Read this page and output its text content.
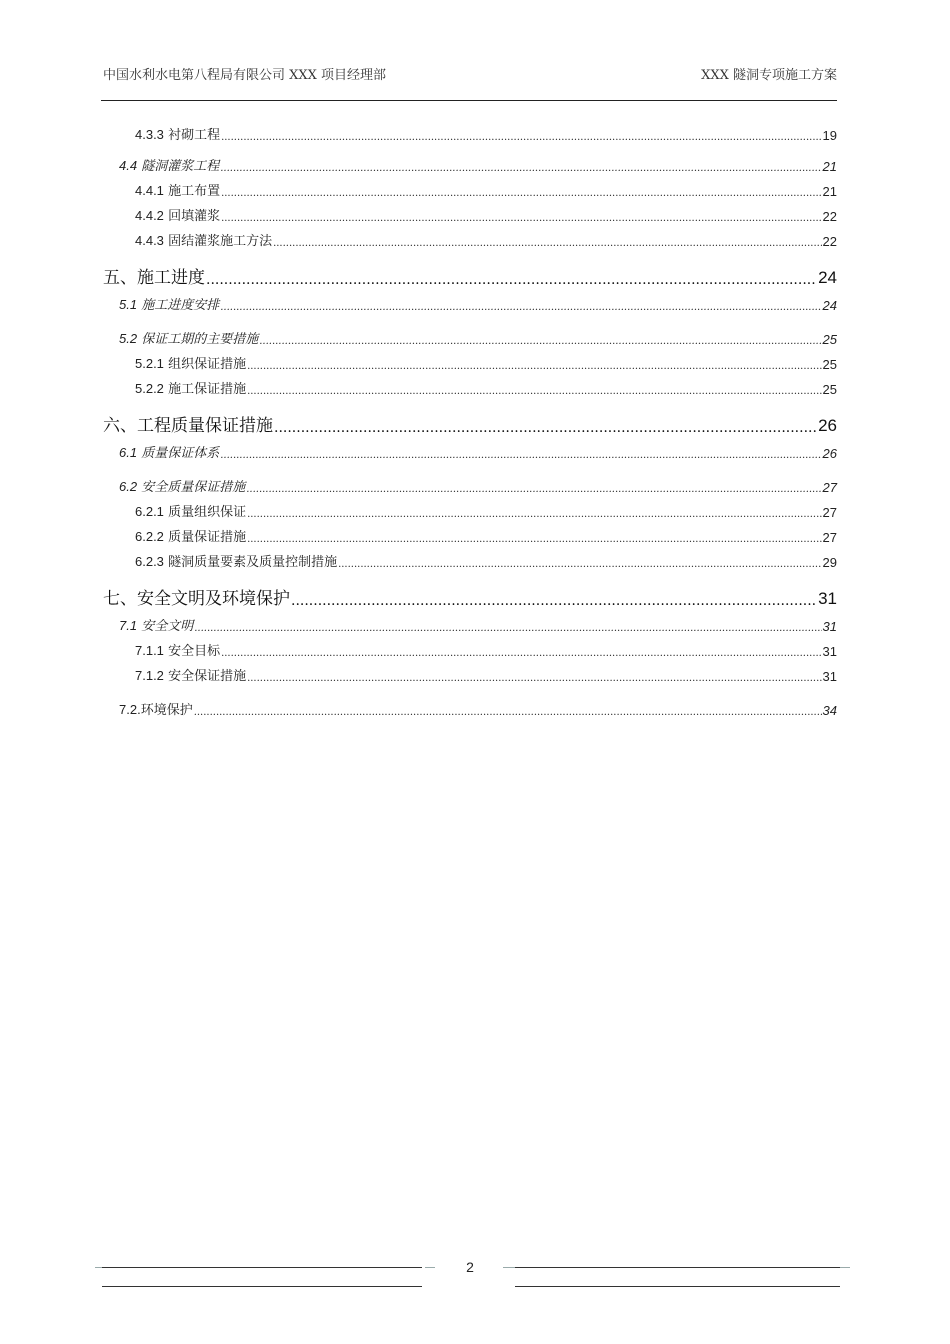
中国水利水电第八程局有限公司 XXX 项目经理部	XXX 隧洞专项施工方案
4.3.3 衬砌工程 .....	19
4.4 隧洞灌浆工程 .....	21
4.4.1 施工布置 .....	21
4.4.2 回填灌浆 .....	22
4.4.3 固结灌浆施工方法 .....	22
五、施工进度 .....	24
5.1 施工进度安排 .....	24
5.2 保证工期的主要措施 .....	25
5.2.1 组织保证措施 .....	25
5.2.2 施工保证措施 .....	25
六、工程质量保证措施 .....	26
6.1 质量保证体系 .....	26
6.2 安全质量保证措施 .....	27
6.2.1 质量组织保证 .....	27
6.2.2 质量保证措施 .....	27
6.2.3 隧洞质量要素及质量控制措施 .....	29
七、安全文明及环境保护 .....	31
7.1 安全文明 .....	31
7.1.1 安全目标 .....	31
7.1.2 安全保证措施 .....	31
7.2.环境保护 .....	34
2
